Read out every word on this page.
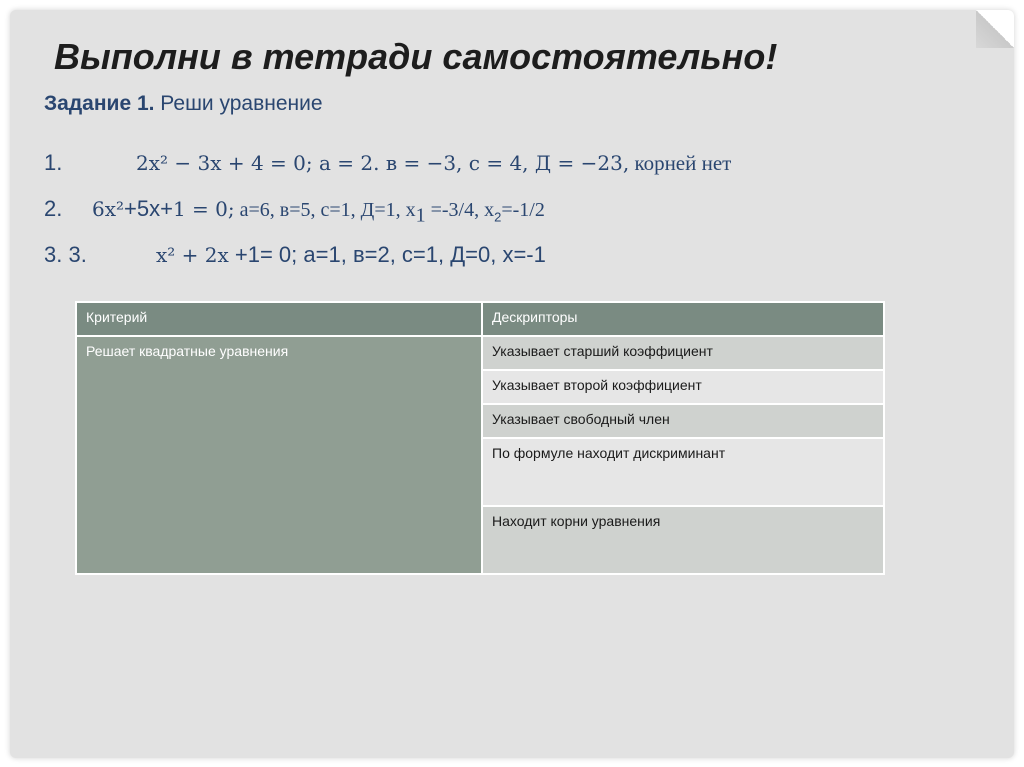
Выполни в тетради самостоятельно!
Задание 1. Реши уравнение
1.	2x² − 3x + 4 = 0; а = 2. в = −3, с = 4, Д = −23, корней нет
2. 6x²+5x+1 = 0; а=6, в=5, с=1, Д=1, $х_1 =-3/4$, $х_2=-1/2$
3. 3.	x² + 2x +1= 0; а=1, в=2, с=1, Д=0, х=-1
Критерий	Дескрипторы
Решает квадратные уравнения	Указывает старший коэффициент
	Указывает второй коэффициент
	Указывает свободный член
	По формуле находит дискриминант
	Находит корни уравнения
